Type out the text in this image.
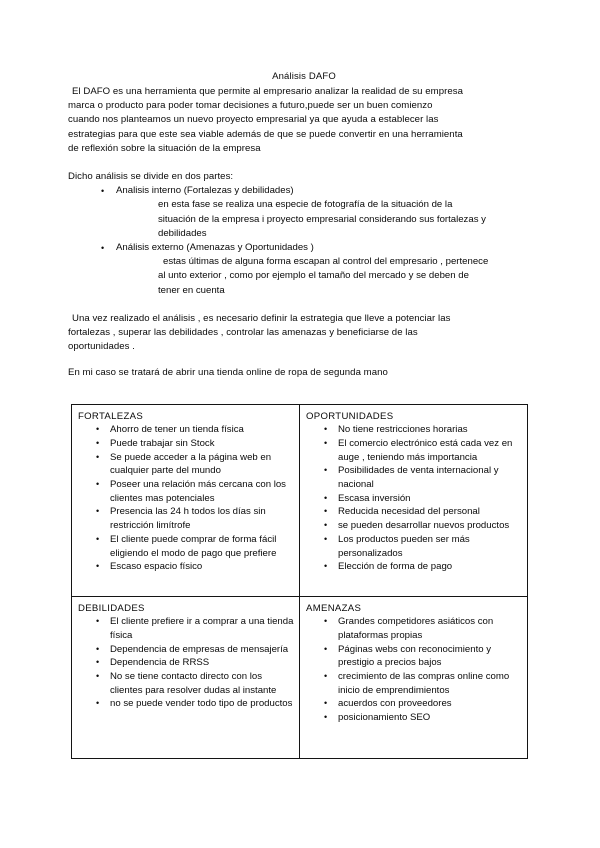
Análisis DAFO

El DAFO es una herramienta que permite al empresario analizar la realidad de su empresa

marca o producto para poder tomar decisiones a futuro,puede ser un buen comienzo

cuando nos planteamos un nuevo proyecto empresarial ya que ayuda a establecer las

estrategias para que este sea viable además de que se puede convertir en una herramienta

de reflexión sobre la situación de la empresa

Dicho análisis se divide en dos partes:

• Analisis interno (Fortalezas y debilidades)

en esta fase se realiza una especie de fotografía de la situación de la

situación de la empresa i proyecto empresarial considerando sus fortalezas y

debilidades

• Análisis externo (Amenazas y Oportunidades )

estas últimas de alguna forma escapan al control del empresario , pertenece

al unto exterior , como por ejemplo el tamaño del mercado y se deben de

tener en cuenta

Una vez realizado el análisis , es necesario definir la estrategia que lleve a potenciar las

fortalezas , superar las debilidades , controlar las amenazas y beneficiarse de las

oportunidades .

En mi caso se tratará de abrir una tienda online de ropa de segunda mano

FORTALEZAS

• Ahorro de tener un tienda física
• Puede trabajar sin Stock
• Se puede acceder a la página web en cualquier parte del mundo
• Poseer una relación más cercana con los clientes mas potenciales
• Presencia las 24 h todos los días sin restricción limítrofe
• El cliente puede comprar de forma fácil eligiendo el modo de pago que prefiere
• Escaso espacio físico

OPORTUNIDADES

• No tiene restricciones horarias
• El comercio electrónico está cada vez en auge , teniendo más importancia
• Posibilidades de venta internacional y nacional
• Escasa inversión
• Reducida necesidad del personal
• se pueden desarrollar nuevos productos
• Los productos pueden ser más personalizados
• Elección de forma de pago

DEBILIDADES

• El cliente prefiere ir a comprar a una tienda física
• Dependencia de empresas de mensajería
• Dependencia de RRSS
• No se tiene contacto directo con los clientes para resolver dudas al instante
• no se puede vender todo tipo de productos

AMENAZAS

• Grandes competidores asiáticos con plataformas propias
• Páginas webs con reconocimiento y prestigio a precios bajos
• crecimiento de las compras online como inicio de emprendimientos
• acuerdos con proveedores
• posicionamiento SEO
